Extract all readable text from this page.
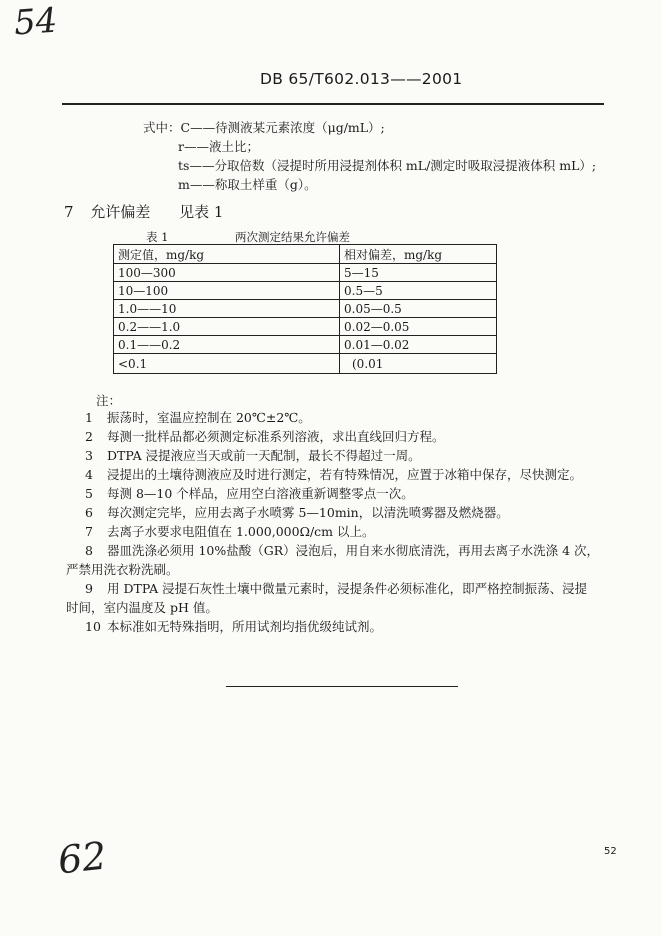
54
DB 65/T602.013——2001
式中：C——待测液某元素浓度（μg/mL）;
r——液土比；
ts——分取倍数（浸提时所用浸提剂体积 mL/测定时吸取浸提液体积 mL）;
m——称取土样重（g）。
7 允许偏差 见表 1
表 1	两次测定结果允许偏差
测定值，mg/kg	相对偏差，mg/kg
100—300	5—15
10—100	0.5—5
1.0——10	0.05—0.5
0.2——1.0	0.02—0.05
0.1——0.2	0.01—0.02
<0.1	(0.01
注：
1 振荡时，室温应控制在 20℃±2℃。
2 每测一批样品都必须测定标准系列溶液，求出直线回归方程。
3 DTPA 浸提液应当天或前一天配制，最长不得超过一周。
4 浸提出的土壤待测液应及时进行测定，若有特殊情况，应置于冰箱中保存，尽快测定。
5 每测 8—10 个样品，应用空白溶液重新调整零点一次。
6 每次测定完毕，应用去离子水喷雾 5—10min，以清洗喷雾器及燃烧器。
7 去离子水要求电阻值在 1.000,000Ω/cm 以上。
8 器皿洗涤必须用 10%盐酸（GR）浸泡后，用自来水彻底清洗，再用去离子水洗涤 4 次，
严禁用洗衣粉洗刷。
9 用 DTPA 浸提石灰性土壤中微量元素时，浸提条件必须标准化，即严格控制振荡、浸提
时间，室内温度及 pH 值。
10 本标准如无特殊指明，所用试剂均指优级纯试剂。
62	52
